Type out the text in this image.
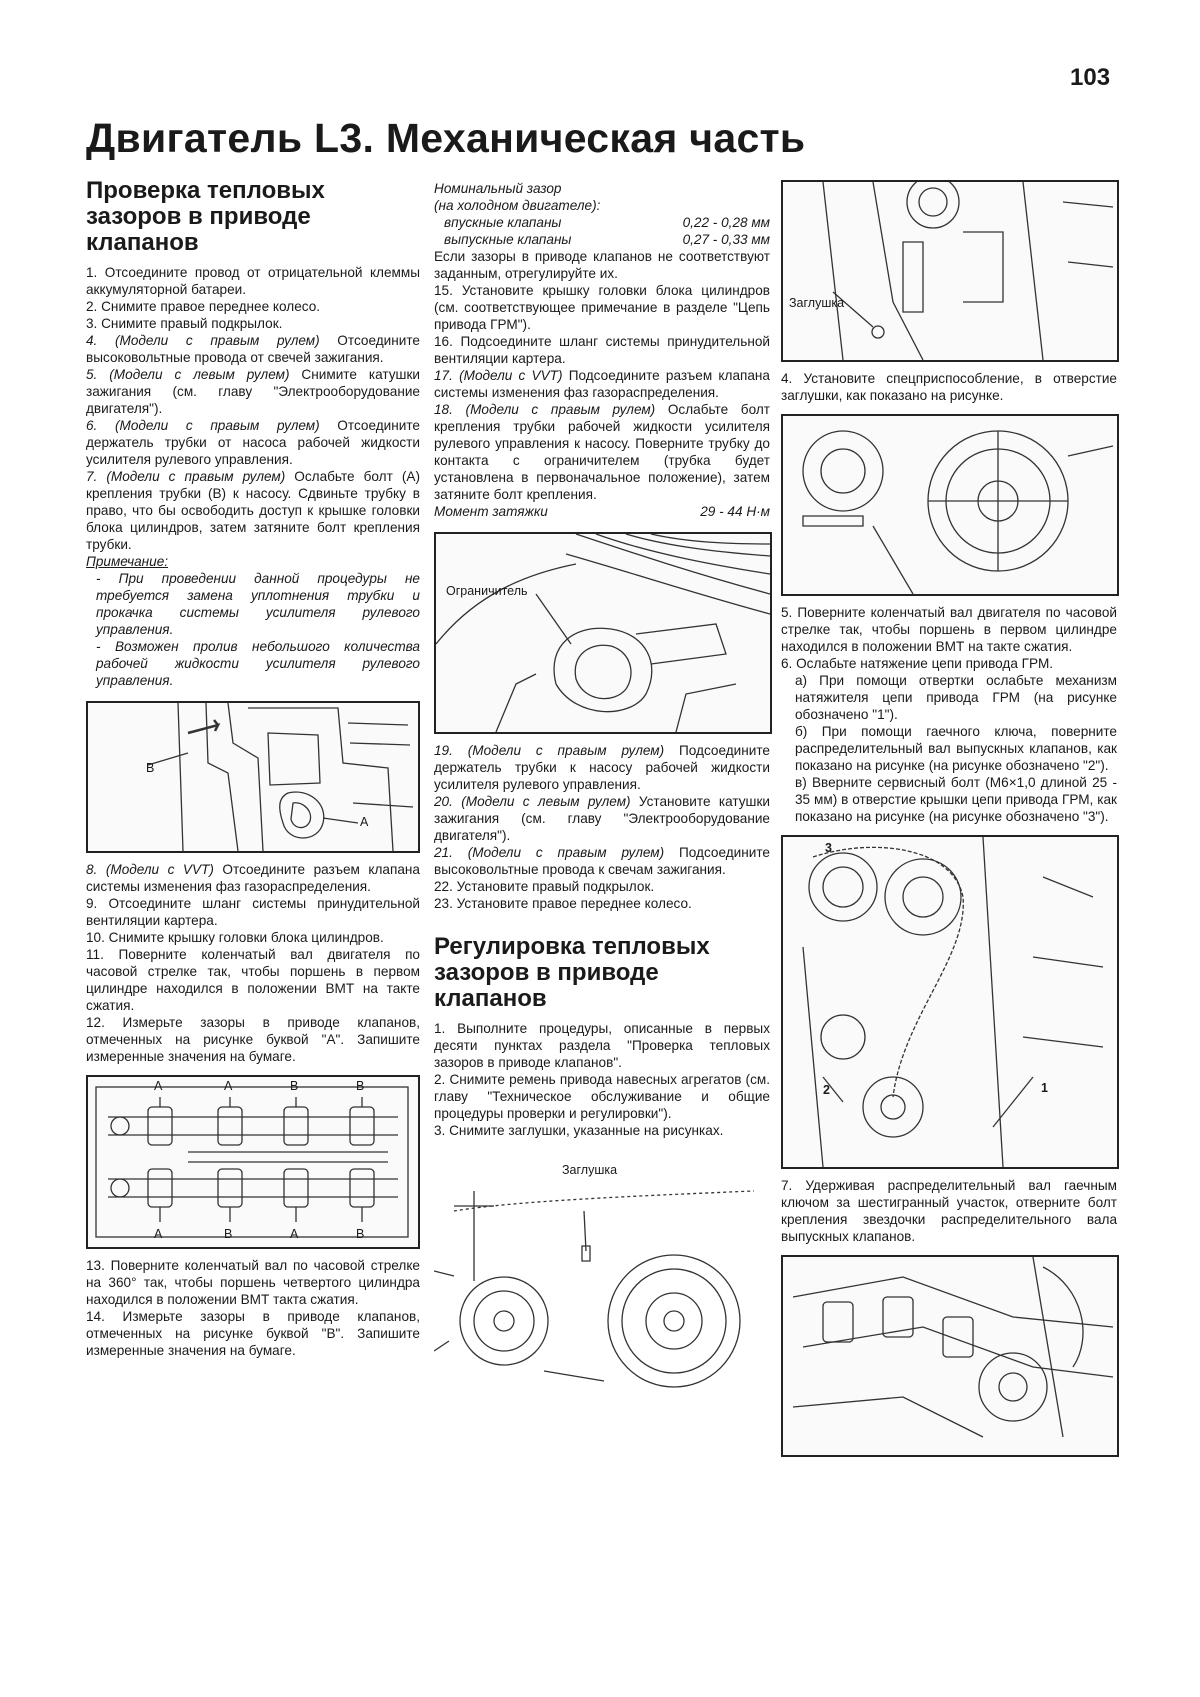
103
Двигатель L3. Механическая часть
Проверка тепловых зазоров в приводе клапанов

1. Отсоедините провод от отрицательной клеммы аккумуляторной батареи.

2. Снимите правое переднее колесо.

3. Снимите правый подкрылок.

4. (Модели с правым рулем) Отсоедините высоковольтные провода от свечей зажигания.

5. (Модели с левым рулем) Снимите катушки зажигания (см. главу "Электрооборудование двигателя").

6. (Модели с правым рулем) Отсоедините держатель трубки от насоса рабочей жидкости усилителя рулевого управления.

7. (Модели с правым рулем) Ослабьте болт (А) крепления трубки (В) к насосу. Сдвиньте трубку в право, что бы освободить доступ к крышке головки блока цилиндров, затем затяните болт крепления трубки.

Примечание:

- При проведении данной процедуры не требуется замена уплотнения трубки и прокачка системы усилителя рулевого управления.

- Возможен пролив небольшого количества рабочей жидкости усилителя рулевого управления.

B
A

8. (Модели с VVT) Отсоедините разъем клапана системы изменения фаз газораспределения.

9. Отсоедините шланг системы принудительной вентиляции картера.

10. Снимите крышку головки блока цилиндров.

11. Поверните коленчатый вал двигателя по часовой стрелке так, чтобы поршень в первом цилиндре находился в положении ВМТ на такте сжатия.

12. Измерьте зазоры в приводе клапанов, отмеченных на рисунке буквой "А". Запишите измеренные значения на бумаге.

A	A	B	B
A	B	A	B

13. Поверните коленчатый вал по часовой стрелке на 360° так, чтобы поршень четвертого цилиндра находился в положении ВМТ такта сжатия.

14. Измерьте зазоры в приводе клапанов, отмеченных на рисунке буквой "В". Запишите измеренные значения на бумаге.

Номинальный зазор

(на холодном двигателе):

впускные клапаны	0,22 - 0,28 мм
выпускные клапаны	0,27 - 0,33 мм

Если зазоры в приводе клапанов не соответствуют заданным, отрегулируйте их.

15. Установите крышку головки блока цилиндров (см. соответствующее примечание в разделе "Цепь привода ГРМ").

16. Подсоедините шланг системы принудительной вентиляции картера.

17. (Модели с VVT) Подсоедините разъем клапана системы изменения фаз газораспределения.

18. (Модели с правым рулем) Ослабьте болт крепления трубки рабочей жидкости усилителя рулевого управления к насосу. Поверните трубку до контакта с ограничителем (трубка будет установлена в первоначальное положение), затем затяните болт крепления.

Момент затяжки	29 - 44 Н·м
Ограничитель

19. (Модели с правым рулем) Подсоедините держатель трубки к насосу рабочей жидкости усилителя рулевого управления.

20. (Модели с левым рулем) Установите катушки зажигания (см. главу "Электрооборудование двигателя").

21. (Модели с правым рулем) Подсоедините высоковольтные провода к свечам зажигания.

22. Установите правый подкрылок.

23. Установите правое переднее колесо.

Регулировка тепловых зазоров в приводе клапанов

1. Выполните процедуры, описанные в первых десяти пунктах раздела "Проверка тепловых зазоров в приводе клапанов".

2. Снимите ремень привода навесных агрегатов (см. главу "Техническое обслуживание и общие процедуры проверки и регулировки").

3. Снимите заглушки, указанные на рисунках.

Заглушка
Заглушка

4. Установите спецприспособление, в отверстие заглушки, как показано на рисунке.

5. Поверните коленчатый вал двигателя по часовой стрелке так, чтобы поршень в первом цилиндре находился в положении ВМТ на такте сжатия.

6. Ослабьте натяжение цепи привода ГРМ.

а) При помощи отвертки ослабьте механизм натяжителя цепи привода ГРМ (на рисунке обозначено "1").

б) При помощи гаечного ключа, поверните распределительный вал выпускных клапанов, как показано на рисунке (на рисунке обозначено "2").

в) Вверните сервисный болт (М6×1,0 длиной 25 - 35 мм) в отверстие крышки цепи привода ГРМ, как показано на рисунке (на рисунке обозначено "3").

3
2	1

7. Удерживая распределительный вал гаечным ключом за шестигранный участок, отверните болт крепления звездочки распределительного вала выпускных клапанов.
